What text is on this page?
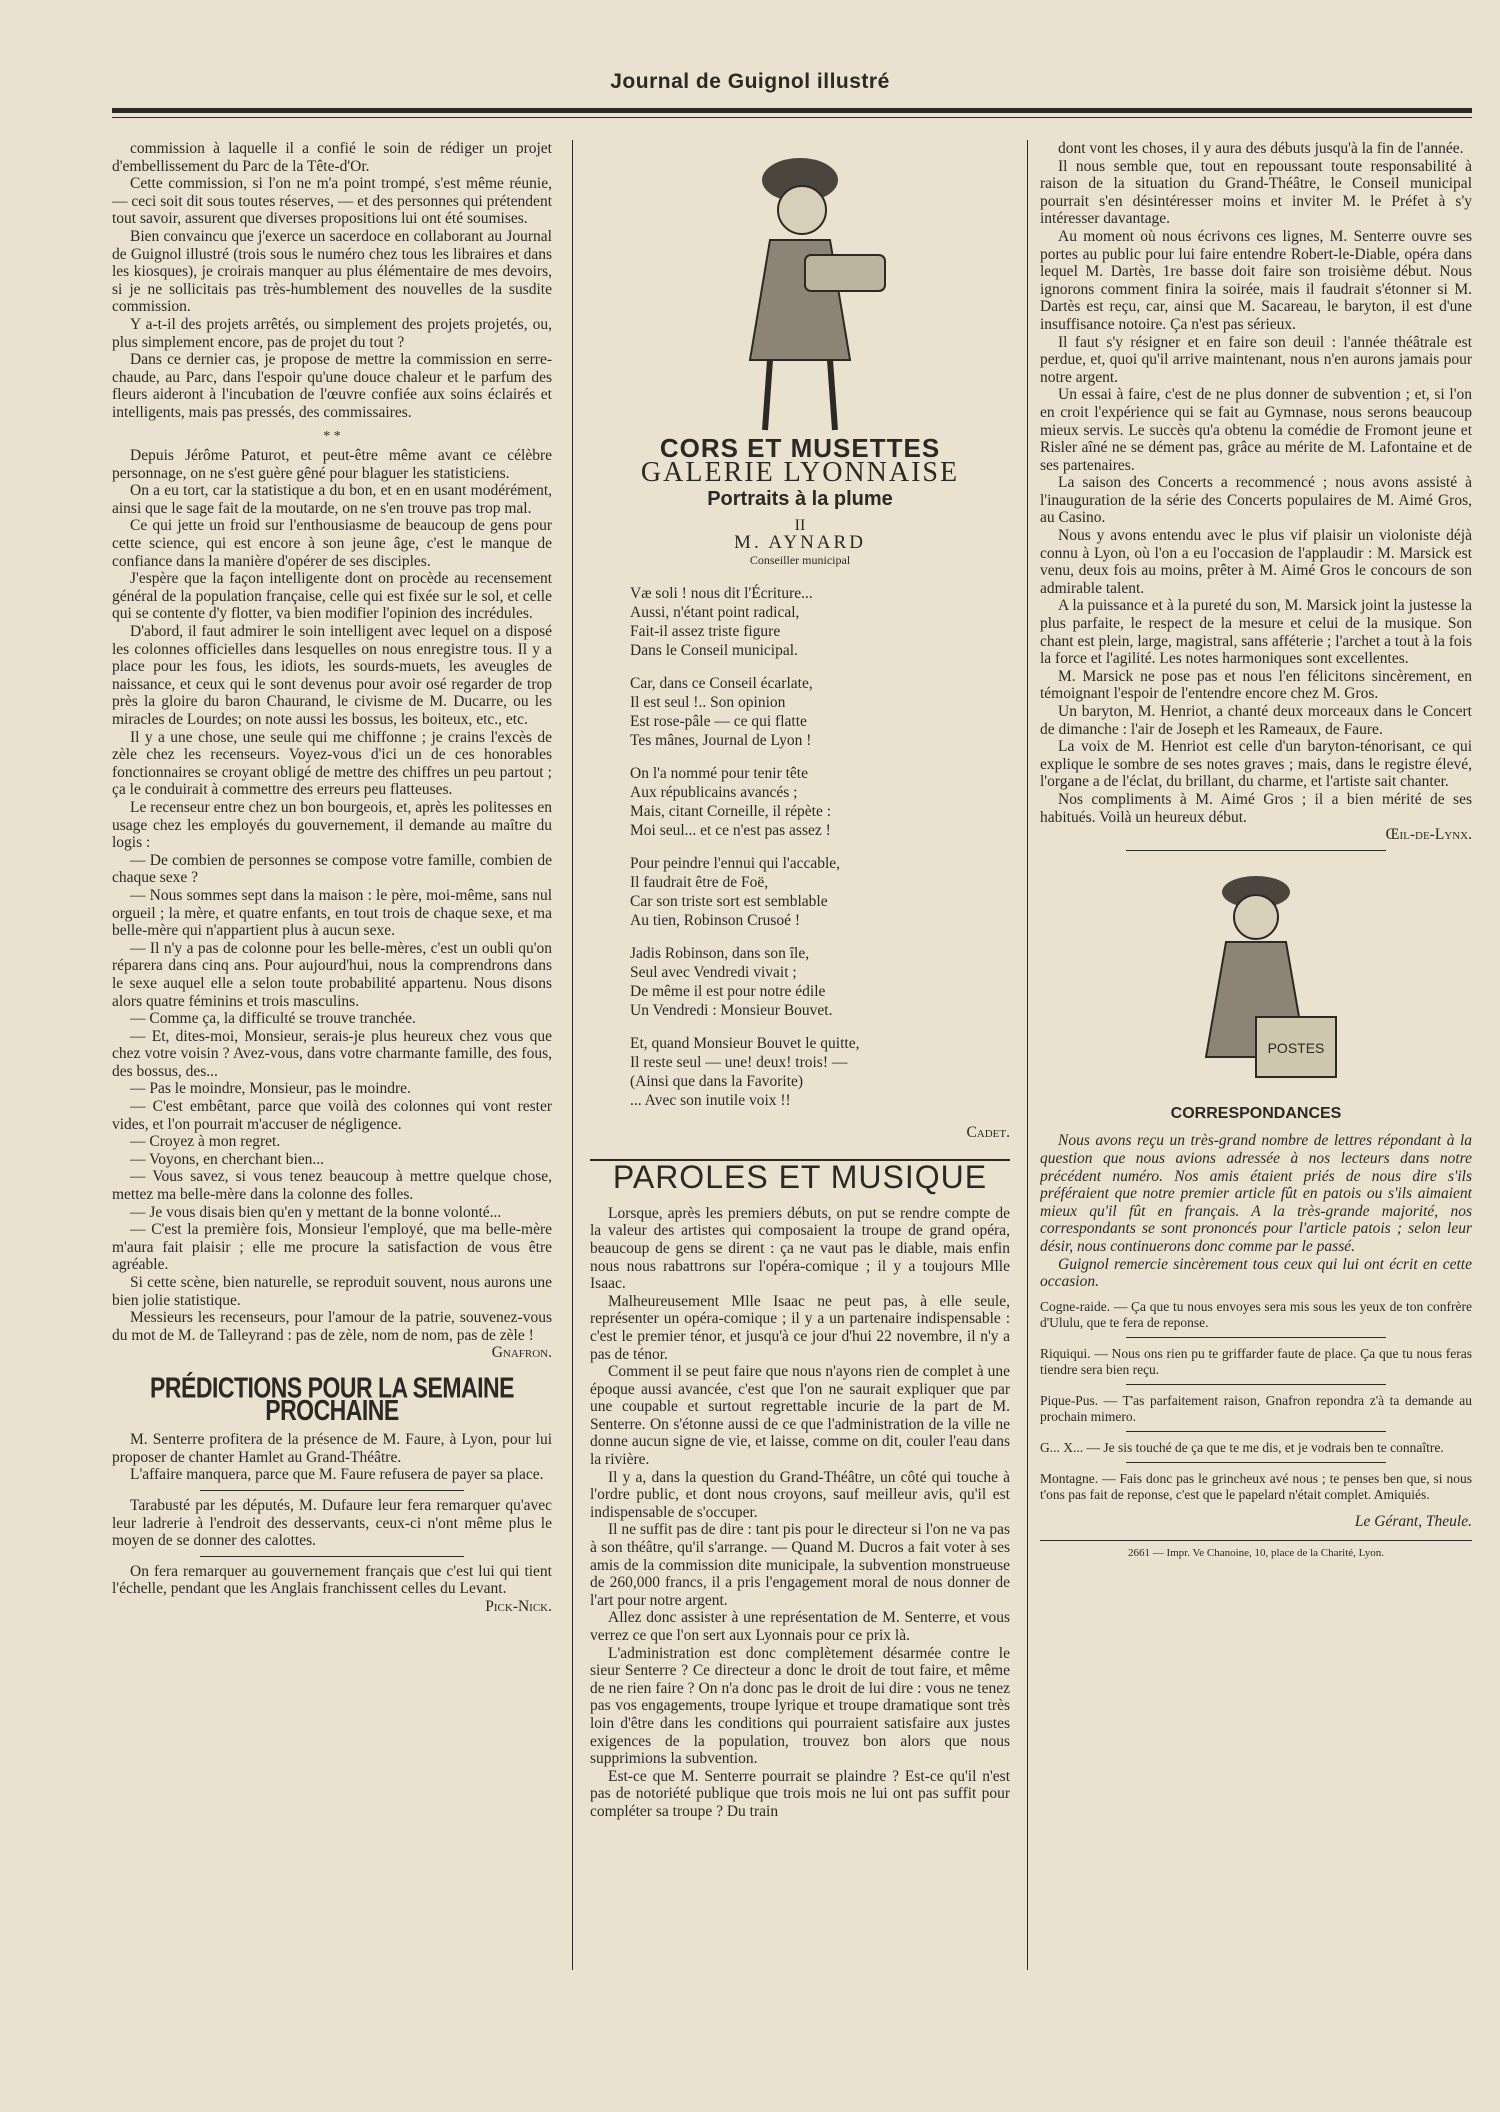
Journal de Guignol illustré

commission à laquelle il a confié le soin de rédiger un projet d'embellissement du Parc de la Tête-d'Or.

Cette commission, si l'on ne m'a point trompé, s'est même réunie, — ceci soit dit sous toutes réserves, — et des personnes qui prétendent tout savoir, assurent que diverses propositions lui ont été soumises.

Bien convaincu que j'exerce un sacerdoce en collaborant au Journal de Guignol illustré (trois sous le numéro chez tous les libraires et dans les kiosques), je croirais manquer au plus élémentaire de mes devoirs, si je ne sollicitais pas très-humblement des nouvelles de la susdite commission.

Y a-t-il des projets arrêtés, ou simplement des projets projetés, ou, plus simplement encore, pas de projet du tout ?

Dans ce dernier cas, je propose de mettre la commission en serre-chaude, au Parc, dans l'espoir qu'une douce chaleur et le parfum des fleurs aideront à l'incubation de l'œuvre confiée aux soins éclairés et intelligents, mais pas pressés, des commissaires.

* *

Depuis Jérôme Paturot, et peut-être même avant ce célèbre personnage, on ne s'est guère gêné pour blaguer les statisticiens.

On a eu tort, car la statistique a du bon, et en en usant modérément, ainsi que le sage fait de la moutarde, on ne s'en trouve pas trop mal.

Ce qui jette un froid sur l'enthousiasme de beaucoup de gens pour cette science, qui est encore à son jeune âge, c'est le manque de confiance dans la manière d'opérer de ses disciples.

J'espère que la façon intelligente dont on procède au recensement général de la population française, celle qui est fixée sur le sol, et celle qui se contente d'y flotter, va bien modifier l'opinion des incrédules.

D'abord, il faut admirer le soin intelligent avec lequel on a disposé les colonnes officielles dans lesquelles on nous enregistre tous. Il y a place pour les fous, les idiots, les sourds-muets, les aveugles de naissance, et ceux qui le sont devenus pour avoir osé regarder de trop près la gloire du baron Chaurand, le civisme de M. Ducarre, ou les miracles de Lourdes; on note aussi les bossus, les boiteux, etc., etc.

Il y a une chose, une seule qui me chiffonne ; je crains l'excès de zèle chez les recenseurs. Voyez-vous d'ici un de ces honorables fonctionnaires se croyant obligé de mettre des chiffres un peu partout ; ça le conduirait à commettre des erreurs peu flatteuses.

Le recenseur entre chez un bon bourgeois, et, après les politesses en usage chez les employés du gouvernement, il demande au maître du logis :

— De combien de personnes se compose votre famille, combien de chaque sexe ?

— Nous sommes sept dans la maison : le père, moi-même, sans nul orgueil ; la mère, et quatre enfants, en tout trois de chaque sexe, et ma belle-mère qui n'appartient plus à aucun sexe.

— Il n'y a pas de colonne pour les belle-mères, c'est un oubli qu'on réparera dans cinq ans. Pour aujourd'hui, nous la comprendrons dans le sexe auquel elle a selon toute probabilité appartenu. Nous disons alors quatre féminins et trois masculins.

— Comme ça, la difficulté se trouve tranchée.

— Et, dites-moi, Monsieur, serais-je plus heureux chez vous que chez votre voisin ? Avez-vous, dans votre charmante famille, des fous, des bossus, des...

— Pas le moindre, Monsieur, pas le moindre.

— C'est embêtant, parce que voilà des colonnes qui vont rester vides, et l'on pourrait m'accuser de négligence.

— Croyez à mon regret.

— Voyons, en cherchant bien...

— Vous savez, si vous tenez beaucoup à mettre quelque chose, mettez ma belle-mère dans la colonne des folles.

— Je vous disais bien qu'en y mettant de la bonne volonté...

— C'est la première fois, Monsieur l'employé, que ma belle-mère m'aura fait plaisir ; elle me procure la satisfaction de vous être agréable.

Si cette scène, bien naturelle, se reproduit souvent, nous aurons une bien jolie statistique.

Messieurs les recenseurs, pour l'amour de la patrie, souvenez-vous du mot de M. de Talleyrand : pas de zèle, nom de nom, pas de zèle !

Gnafron.
PRÉDICTIONS POUR LA SEMAINE PROCHAINE

M. Senterre profitera de la présence de M. Faure, à Lyon, pour lui proposer de chanter Hamlet au Grand-Théâtre.

L'affaire manquera, parce que M. Faure refusera de payer sa place.

Tarabusté par les députés, M. Dufaure leur fera remarquer qu'avec leur ladrerie à l'endroit des desservants, ceux-ci n'ont même plus le moyen de se donner des calottes.

On fera remarquer au gouvernement français que c'est lui qui tient l'échelle, pendant que les Anglais franchissent celles du Levant.

Pick-Nick.
CORS ET MUSETTES
GALERIE LYONNAISE
Portraits à la plume
II
M. AYNARD
Conseiller municipal
Væ soli ! nous dit l'Écriture...
Aussi, n'étant point radical,
Fait-il assez triste figure
Dans le Conseil municipal.
Car, dans ce Conseil écarlate,
Il est seul !.. Son opinion
Est rose-pâle — ce qui flatte
Tes mânes, Journal de Lyon !
On l'a nommé pour tenir tête
Aux républicains avancés ;
Mais, citant Corneille, il répète :
Moi seul... et ce n'est pas assez !
Pour peindre l'ennui qui l'accable,
Il faudrait être de Foë,
Car son triste sort est semblable
Au tien, Robinson Crusoé !
Jadis Robinson, dans son île,
Seul avec Vendredi vivait ;
De même il est pour notre édile
Un Vendredi : Monsieur Bouvet.
Et, quand Monsieur Bouvet le quitte,
Il reste seul — une! deux! trois! —
(Ainsi que dans la Favorite)
... Avec son inutile voix !!
Cadet.
PAROLES ET MUSIQUE

Lorsque, après les premiers débuts, on put se rendre compte de la valeur des artistes qui composaient la troupe de grand opéra, beaucoup de gens se dirent : ça ne vaut pas le diable, mais enfin nous nous rabattrons sur l'opéra-comique ; il y a toujours Mlle Isaac.

Malheureusement Mlle Isaac ne peut pas, à elle seule, représenter un opéra-comique ; il y a un partenaire indispensable : c'est le premier ténor, et jusqu'à ce jour d'hui 22 novembre, il n'y a pas de ténor.

Comment il se peut faire que nous n'ayons rien de complet à une époque aussi avancée, c'est que l'on ne saurait expliquer que par une coupable et surtout regrettable incurie de la part de M. Senterre. On s'étonne aussi de ce que l'administration de la ville ne donne aucun signe de vie, et laisse, comme on dit, couler l'eau dans la rivière.

Il y a, dans la question du Grand-Théâtre, un côté qui touche à l'ordre public, et dont nous croyons, sauf meilleur avis, qu'il est indispensable de s'occuper.

Il ne suffit pas de dire : tant pis pour le directeur si l'on ne va pas à son théâtre, qu'il s'arrange. — Quand M. Ducros a fait voter à ses amis de la commission dite municipale, la subvention monstrueuse de 260,000 francs, il a pris l'engagement moral de nous donner de l'art pour notre argent.

Allez donc assister à une représentation de M. Senterre, et vous verrez ce que l'on sert aux Lyonnais pour ce prix là.

L'administration est donc complètement désarmée contre le sieur Senterre ? Ce directeur a donc le droit de tout faire, et même de ne rien faire ? On n'a donc pas le droit de lui dire : vous ne tenez pas vos engagements, troupe lyrique et troupe dramatique sont très loin d'être dans les conditions qui pourraient satisfaire aux justes exigences de la population, trouvez bon alors que nous supprimions la subvention.

Est-ce que M. Senterre pourrait se plaindre ? Est-ce qu'il n'est pas de notoriété publique que trois mois ne lui ont pas suffit pour compléter sa troupe ? Du train

dont vont les choses, il y aura des débuts jusqu'à la fin de l'année.

Il nous semble que, tout en repoussant toute responsabilité à raison de la situation du Grand-Théâtre, le Conseil municipal pourrait s'en désintéresser moins et inviter M. le Préfet à s'y intéresser davantage.

Au moment où nous écrivons ces lignes, M. Senterre ouvre ses portes au public pour lui faire entendre Robert-le-Diable, opéra dans lequel M. Dartès, 1re basse doit faire son troisième début. Nous ignorons comment finira la soirée, mais il faudrait s'étonner si M. Dartès est reçu, car, ainsi que M. Sacareau, le baryton, il est d'une insuffisance notoire. Ça n'est pas sérieux.

Il faut s'y résigner et en faire son deuil : l'année théâtrale est perdue, et, quoi qu'il arrive maintenant, nous n'en aurons jamais pour notre argent.

Un essai à faire, c'est de ne plus donner de subvention ; et, si l'on en croit l'expérience qui se fait au Gymnase, nous serons beaucoup mieux servis. Le succès qu'a obtenu la comédie de Fromont jeune et Risler aîné ne se dément pas, grâce au mérite de M. Lafontaine et de ses partenaires.

La saison des Concerts a recommencé ; nous avons assisté à l'inauguration de la série des Concerts populaires de M. Aimé Gros, au Casino.

Nous y avons entendu avec le plus vif plaisir un violoniste déjà connu à Lyon, où l'on a eu l'occasion de l'applaudir : M. Marsick est venu, deux fois au moins, prêter à M. Aimé Gros le concours de son admirable talent.

A la puissance et à la pureté du son, M. Marsick joint la justesse la plus parfaite, le respect de la mesure et celui de la musique. Son chant est plein, large, magistral, sans afféterie ; l'archet a tout à la fois la force et l'agilité. Les notes harmoniques sont excellentes.

M. Marsick ne pose pas et nous l'en félicitons sincèrement, en témoignant l'espoir de l'entendre encore chez M. Gros.

Un baryton, M. Henriot, a chanté deux morceaux dans le Concert de dimanche : l'air de Joseph et les Rameaux, de Faure.

La voix de M. Henriot est celle d'un baryton-ténorisant, ce qui explique le sombre de ses notes graves ; mais, dans le registre élevé, l'organe a de l'éclat, du brillant, du charme, et l'artiste sait chanter.

Nos compliments à M. Aimé Gros ; il a bien mérité de ses habitués. Voilà un heureux début.

Œil-de-Lynx.
POSTES
CORRESPONDANCES

Nous avons reçu un très-grand nombre de lettres répondant à la question que nous avions adressée à nos lecteurs dans notre précédent numéro. Nos amis étaient priés de nous dire s'ils préféraient que notre premier article fût en patois ou s'ils aimaient mieux qu'il fût en français. A la très-grande majorité, nos correspondants se sont prononcés pour l'article patois ; selon leur désir, nous continuerons donc comme par le passé.

Guignol remercie sincèrement tous ceux qui lui ont écrit en cette occasion.

Cogne-raide. — Ça que tu nous envoyes sera mis sous les yeux de ton confrère d'Ululu, que te fera de reponse.
Riquiqui. — Nous ons rien pu te griffarder faute de place. Ça que tu nous feras tiendre sera bien reçu.
Pique-Pus. — T'as parfaitement raison, Gnafron repondra z'à ta demande au prochain mimero.
G... X... — Je sis touché de ça que te me dis, et je vodrais ben te connaître.
Montagne. — Fais donc pas le grincheux avé nous ; te penses ben que, si nous t'ons pas fait de reponse, c'est que le papelard n'était complet. Amiquiés.
Le Gérant, Theule.
2661 — Impr. Ve Chanoine, 10, place de la Charité, Lyon.
